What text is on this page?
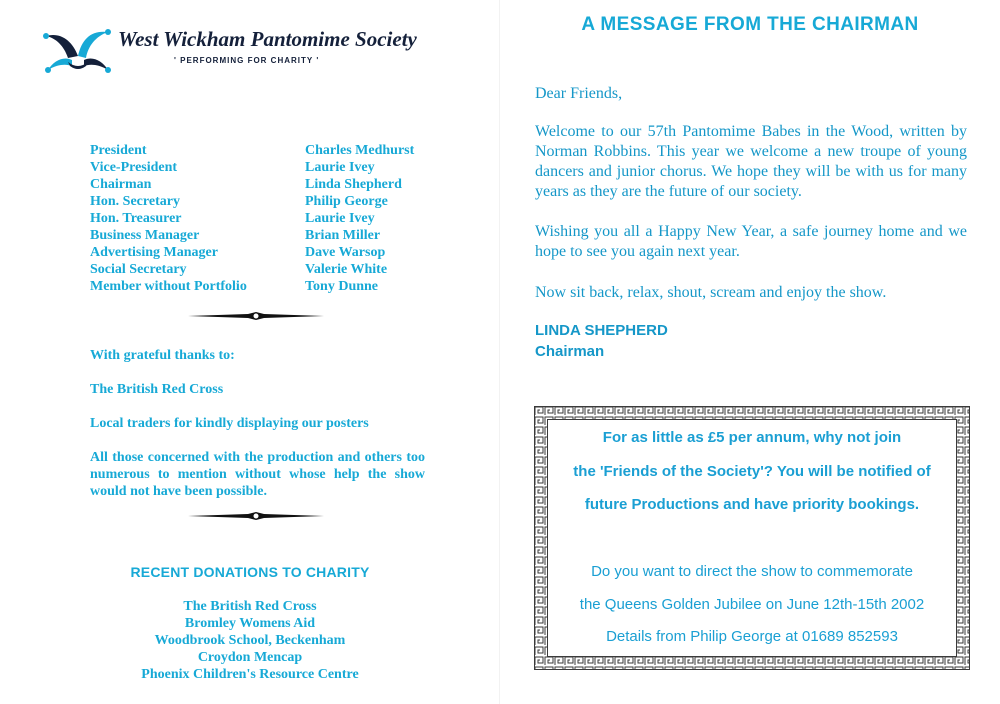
West Wickham Pantomime Society

' PERFORMING FOR CHARITY '

President	Charles Medhurst
Vice-President	Laurie Ivey
Chairman	Linda Shepherd
Hon. Secretary	Philip George
Hon. Treasurer	Laurie Ivey
Business Manager	Brian Miller
Advertising Manager	Dave Warsop
Social Secretary	Valerie White
Member without Portfolio	Tony Dunne

With grateful thanks to:

The British Red Cross

Local traders for kindly displaying our posters

All those concerned with the production and others too numerous to mention without whose help the show would not have been possible.

RECENT DONATIONS TO CHARITY
The British Red Cross
Bromley Womens Aid
Woodbrook School, Beckenham
Croydon Mencap
Phoenix Children's Resource Centre
A MESSAGE FROM THE CHAIRMAN

Dear Friends,

Welcome to our 57th Pantomime Babes in the Wood, written by Norman Robbins. This year we welcome a new troupe of young dancers and junior chorus. We hope they will be with us for many years as they are the future of our society.

Wishing you all a Happy New Year, a safe journey home and we hope to see you again next year.

Now sit back, relax, shout, scream and enjoy the show.

LINDA SHEPHERD

Chairman

For as little as £5 per annum, why not join

the 'Friends of the Society'? You will be notified of

future Productions and have priority bookings.

Do you want to direct the show to commemorate

the Queens Golden Jubilee on June 12th-15th 2002

Details from Philip George at 01689 852593
